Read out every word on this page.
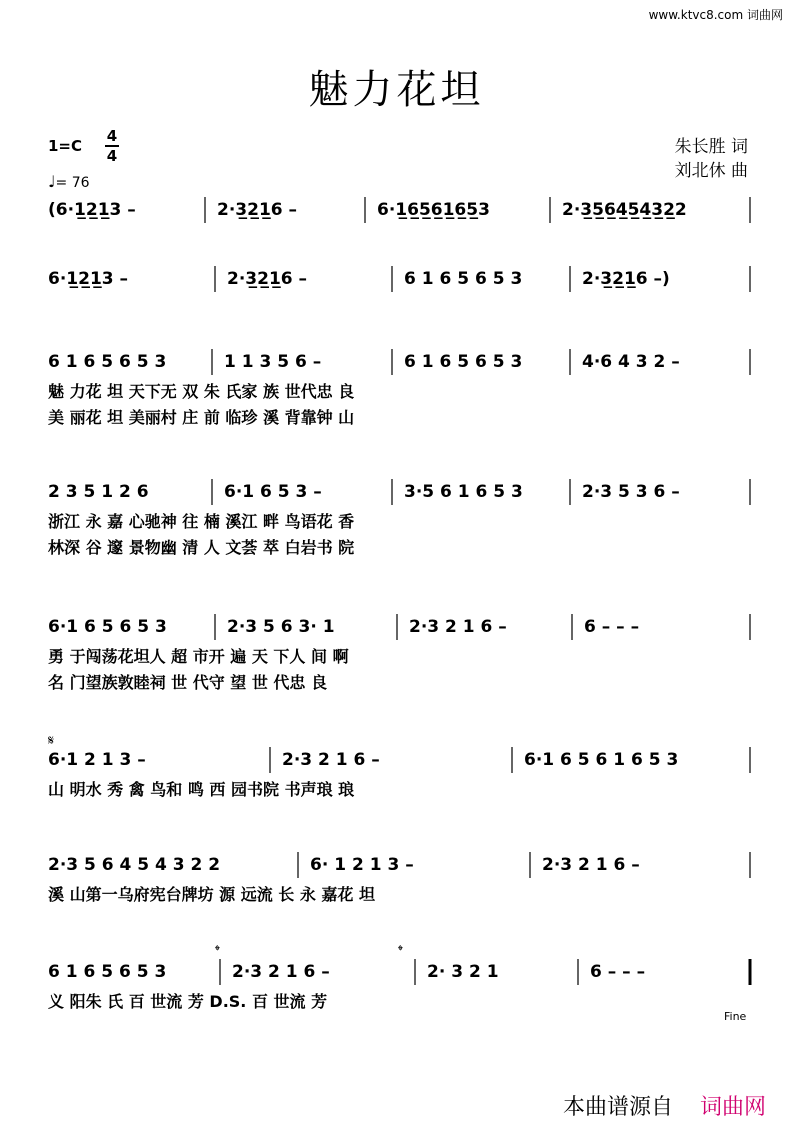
www.ktvc8.com 词曲网
魅力花坦
1=C
4
4
♩= 76
朱长胜 词
刘北休 曲
(6·1̲2̲1̲3 –	2·3̲2̲1̲6 –	6·1̲6̲5̲6̲1̲6̲5̲3	2·3̲5̲6̲4̲5̲4̲3̲2̲2
6·1̲2̲1̲3 –	2·3̲2̲1̲6 –	6 1 6 5 6 5 3	2·3̲2̲1̲6 –)
6 1 6 5 6 5 3	1 1 3 5 6 –	6 1 6 5 6 5 3	4·6 4 3 2 –
2 3 5 1 2 6	6·1 6 5 3 –	3·5 6 1 6 5 3	2·3 5 3 6 –
6·1 6 5 6 5 3	2·3 5 6 3· 1	2·3 2 1 6 –	6 – – –
6·1 2 1 3 –	2·3 2 1 6 –	6·1 6 5 6 1 6 5 3
2·3 5 6 4 5 4 3 2 2	6· 1 2 1 3 –	2·3 2 1 6 –
6 1 6 5 6 5 3	2·3 2 1 6 –	2· 3 2 1	6 – – –
𝄋
𝄌	𝄌
Fine
魅 力花 坦 天下无 双 朱 氏家 族 世代忠 良
美 丽花 坦 美丽村 庄 前 临珍 溪 背靠钟 山
浙江 永 嘉 心驰神 往 楠 溪江 畔 鸟语花 香
林深 谷 邃 景物幽 清 人 文荟 萃 白岩书 院
勇 于闯荡花坦人 超 市开 遍 天 下人 间 啊
名 门望族敦睦祠 世 代守 望 世 代忠 良
山 明水 秀 禽 鸟和 鸣 西 园书院 书声琅 琅
溪 山第一乌府宪台牌坊 源 远流 长 永 嘉花 坦
义 阳朱 氏 百 世流 芳 D.S. 百 世流 芳
本曲谱源自 词曲网
